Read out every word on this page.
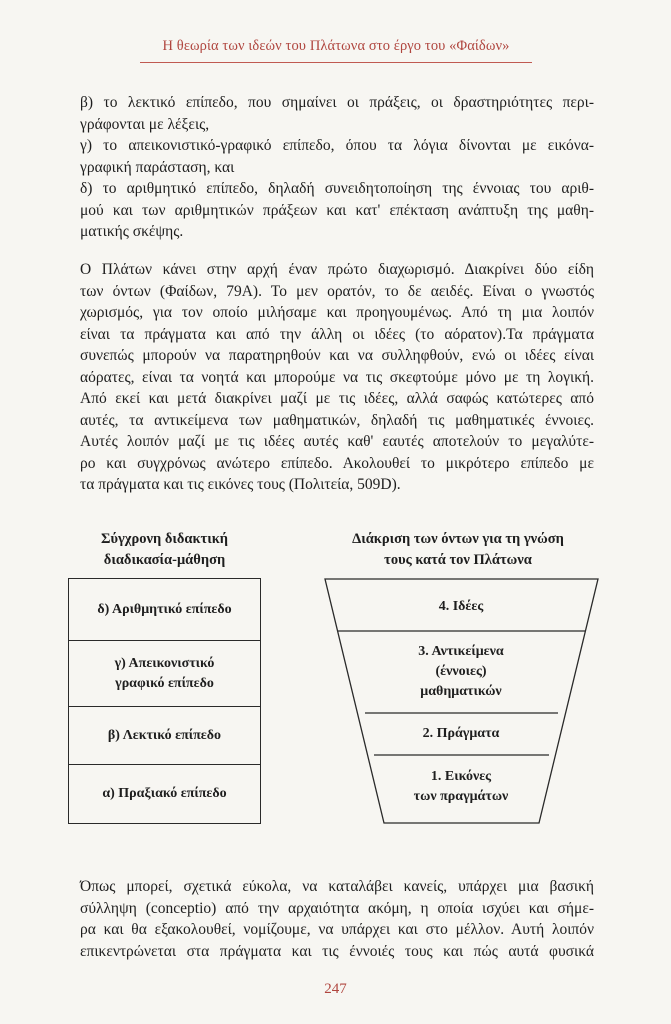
Η θεωρία των ιδεών του Πλάτωνα στο έργο του «Φαίδων»
β) το λεκτικό επίπεδο, που σημαίνει οι πράξεις, οι δραστηριότητες περι-
γράφονται με λέξεις,
γ) το απεικονιστικό-γραφικό επίπεδο, όπου τα λόγια δίνονται με εικόνα-
γραφική παράσταση, και
δ) το αριθμητικό επίπεδο, δηλαδή συνειδητοποίηση της έννοιας του αριθ-
μού και των αριθμητικών πράξεων και κατ' επέκταση ανάπτυξη της μαθη-
ματικής σκέψης.
Ο Πλάτων κάνει στην αρχή έναν πρώτο διαχωρισμό. Διακρίνει δύο είδη
των όντων (Φαίδων, 79Α). Το μεν ορατόν, το δε αειδές. Είναι ο γνωστός
χωρισμός, για τον οποίο μιλήσαμε και προηγουμένως. Από τη μια λοιπόν
είναι τα πράγματα και από την άλλη οι ιδέες (το αόρατον).Τα πράγματα
συνεπώς μπορούν να παρατηρηθούν και να συλληφθούν, ενώ οι ιδέες είναι
αόρατες, είναι τα νοητά και μπορούμε να τις σκεφτούμε μόνο με τη λογική.
Από εκεί και μετά διακρίνει μαζί με τις ιδέες, αλλά σαφώς κατώτερες από
αυτές, τα αντικείμενα των μαθηματικών, δηλαδή τις μαθηματικές έννοιες.
Αυτές λοιπόν μαζί με τις ιδέες αυτές καθ' εαυτές αποτελούν το μεγαλύτε-
ρο και συγχρόνως ανώτερο επίπεδο. Ακολουθεί το μικρότερο επίπεδο με
τα πράγματα και τις εικόνες τους (Πολιτεία, 509D).
Σύγχρονη διδακτική
διαδικασία-μάθηση
Διάκριση των όντων για τη γνώση
τους κατά τον Πλάτωνα
δ) Αριθμητικό επίπεδο
γ) Απεικονιστικό
γραφικό επίπεδο
β) Λεκτικό επίπεδο
α) Πραξιακό επίπεδο
4. Ιδέες
3. Αντικείμενα
(έννοιες)
μαθηματικών
2. Πράγματα
1. Εικόνες
των πραγμάτων
Όπως μπορεί, σχετικά εύκολα, να καταλάβει κανείς, υπάρχει μια βασική
σύλληψη (conceptio) από την αρχαιότητα ακόμη, η οποία ισχύει και σήμε-
ρα και θα εξακολουθεί, νομίζουμε, να υπάρχει και στο μέλλον. Αυτή λοιπόν
επικεντρώνεται στα πράγματα και τις έννοιές τους και πώς αυτά φυσικά
247
